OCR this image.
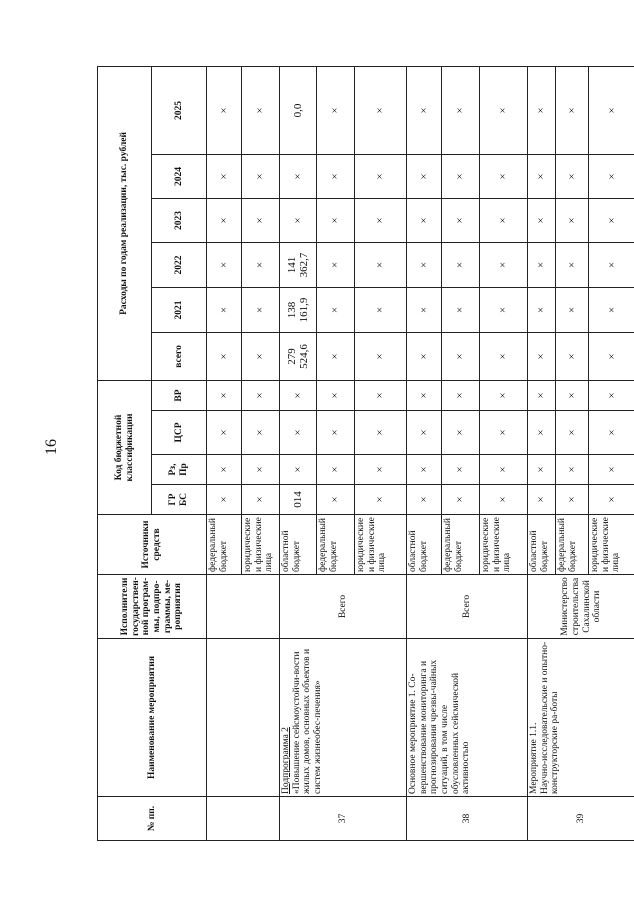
16
№ пп.	Наименование мероприятия	Исполнители государствен-ной програм-мы, подпро-граммы, ме-роприятия	Источники средств	Код бюджетной классификации				Расходы по годам реализации, тыс. рублей					
				ГР БС	Рз, Пр	ЦСР	ВР	всего	2021	2022	2023	2024	2025
			федеральный бюджет	×	×	×	×	×	×	×	×	×	×
			юридические и физические лица	×	×	×	×	×	×	×	×	×	×
37	Подпрограмма 2 «Повышение сейсмоустойчи-вости жилых домов, основных объектов и систем жизнеобес-печения»	Всего	областной бюджет	014	×	×	×	279 524,6	138 161,9	141 362,7	×	×	0,0
			федеральный бюджет	×	×	×	×	×	×	×	×	×	×
			юридические и физические лица	×	×	×	×	×	×	×	×	×	×
38	Основное мероприятие 1. Со-вершенствование мониторинга и прогнозирования чрезвы-чайных ситуаций, в том числе обусловленных сейсмической активностью	Всего	областной бюджет	×	×	×	×	×	×	×	×	×	×
			федеральный бюджет	×	×	×	×	×	×	×	×	×	×
			юридические и физические лица	×	×	×	×	×	×	×	×	×	×
39	Мероприятие 1.1. Научно-исследовательские и опытно-конструкторские ра-боты	Министерство строительства Сахалинской области	областной бюджет	×	×	×	×	×	×	×	×	×	×
			федеральный бюджет	×	×	×	×	×	×	×	×	×	×
			юридические и физические лица	×	×	×	×	×	×	×	×	×	×
